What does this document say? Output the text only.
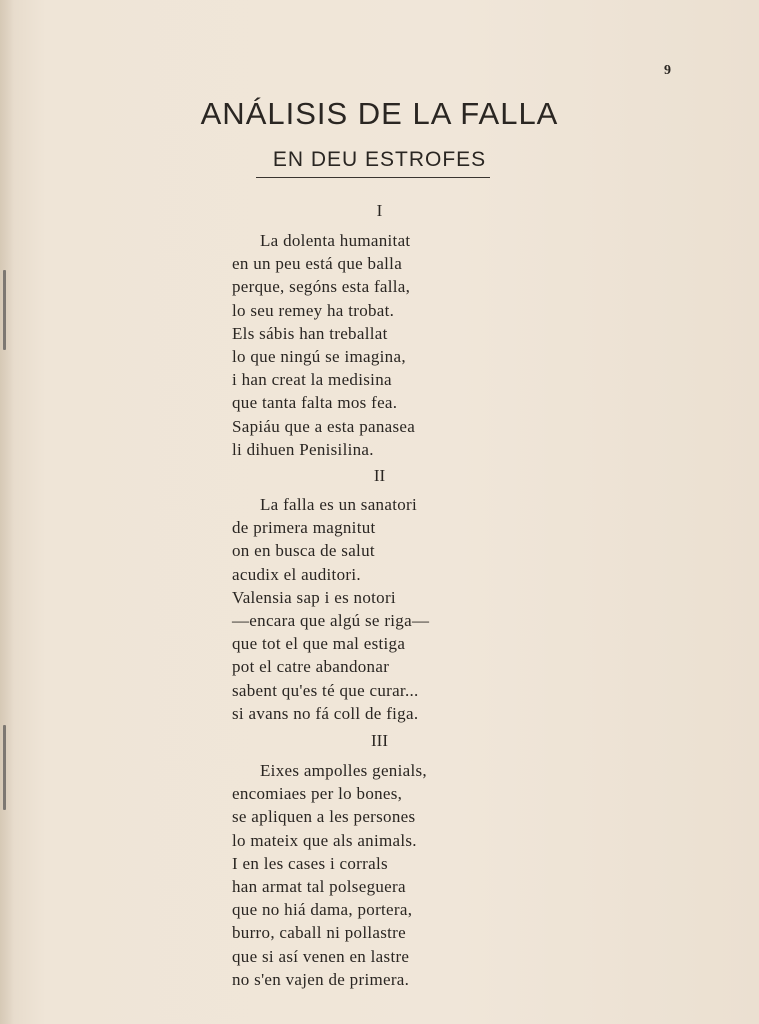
9
ANÁLISIS DE LA FALLA
EN DEU ESTROFES
I
La dolenta humanitat
en un peu está que balla
perque, segóns esta falla,
lo seu remey ha trobat.
Els sábis han treballat
lo que ningú se imagina,
i han creat la medisina
que tanta falta mos fea.
Sapiáu que a esta panasea
li dihuen Penisilina.
II
La falla es un sanatori
de primera magnitut
on en busca de salut
acudix el auditori.
Valensia sap i es notori
—encara que algú se riga—
que tot el que mal estiga
pot el catre abandonar
sabent qu'es té que curar...
si avans no fá coll de figa.
III
Eixes ampolles genials,
encomiaes per lo bones,
se apliquen a les persones
lo mateix que als animals.
I en les cases i corrals
han armat tal polseguera
que no hiá dama, portera,
burro, caball ni pollastre
que si así venen en lastre
no s'en vajen de primera.
